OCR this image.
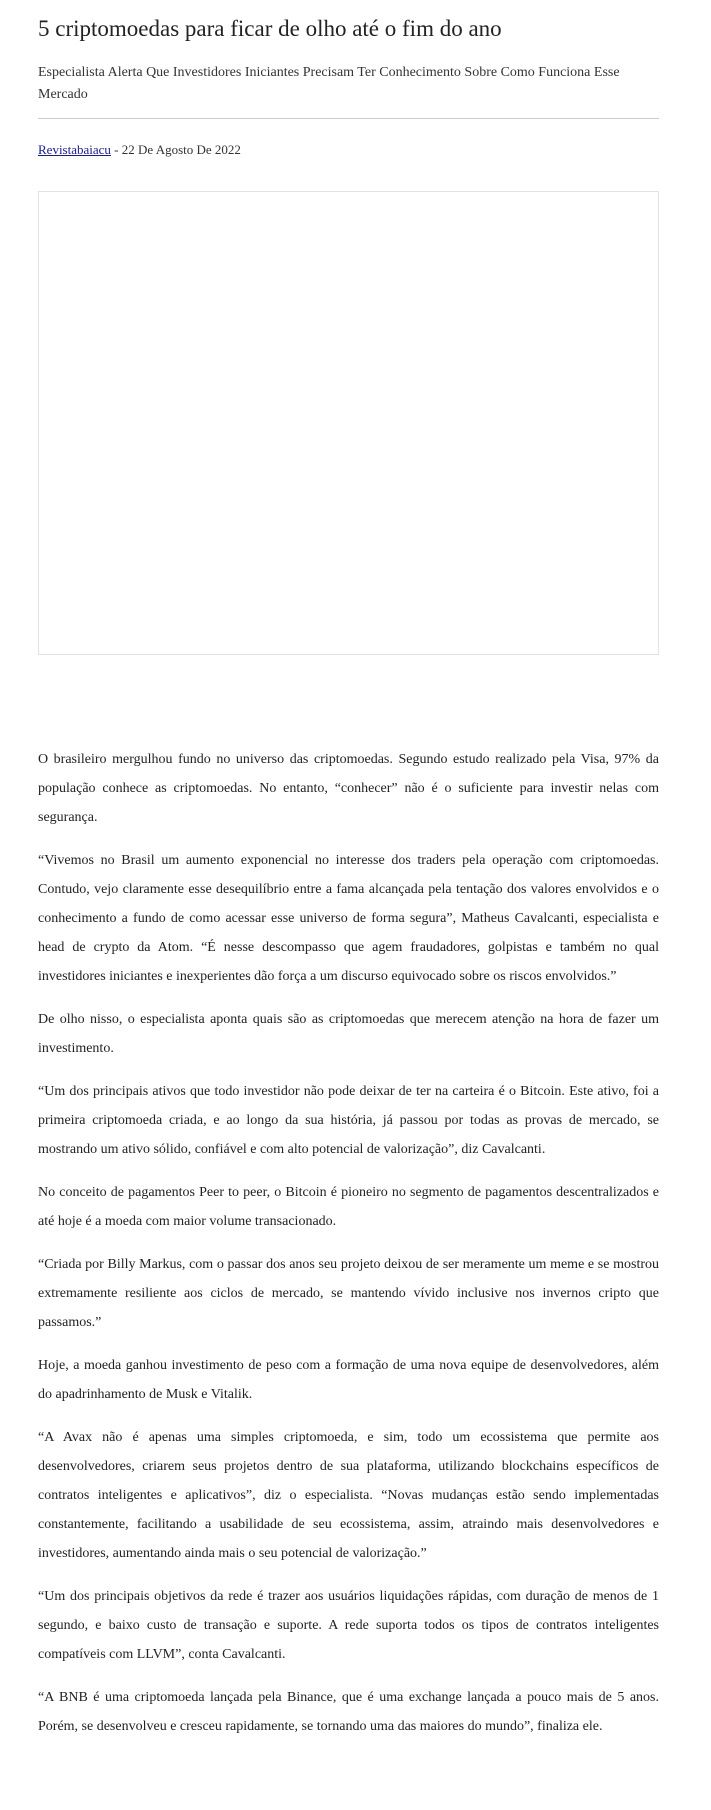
5 criptomoedas para ficar de olho até o fim do ano
Especialista Alerta Que Investidores Iniciantes Precisam Ter Conhecimento Sobre Como Funciona Esse Mercado
Revistabaiacu - 22 De Agosto De 2022

O brasileiro mergulhou fundo no universo das criptomoedas. Segundo estudo realizado pela Visa, 97% da população conhece as criptomoedas. No entanto, “conhecer” não é o suficiente para investir nelas com segurança.

“Vivemos no Brasil um aumento exponencial no interesse dos traders pela operação com criptomoedas. Contudo, vejo claramente esse desequilíbrio entre a fama alcançada pela tentação dos valores envolvidos e o conhecimento a fundo de como acessar esse universo de forma segura”, Matheus Cavalcanti, especialista e head de crypto da Atom. “É nesse descompasso que agem fraudadores, golpistas e também no qual investidores iniciantes e inexperientes dão força a um discurso equivocado sobre os riscos envolvidos.”

De olho nisso, o especialista aponta quais são as criptomoedas que merecem atenção na hora de fazer um investimento.

“Um dos principais ativos que todo investidor não pode deixar de ter na carteira é o Bitcoin. Este ativo, foi a primeira criptomoeda criada, e ao longo da sua história, já passou por todas as provas de mercado, se mostrando um ativo sólido, confiável e com alto potencial de valorização”, diz Cavalcanti.

No conceito de pagamentos Peer to peer, o Bitcoin é pioneiro no segmento de pagamentos descentralizados e até hoje é a moeda com maior volume transacionado.

“Criada por Billy Markus, com o passar dos anos seu projeto deixou de ser meramente um meme e se mostrou extremamente resiliente aos ciclos de mercado, se mantendo vívido inclusive nos invernos cripto que passamos.”

Hoje, a moeda ganhou investimento de peso com a formação de uma nova equipe de desenvolvedores, além do apadrinhamento de Musk e Vitalik.

“A Avax não é apenas uma simples criptomoeda, e sim, todo um ecossistema que permite aos desenvolvedores, criarem seus projetos dentro de sua plataforma, utilizando blockchains específicos de contratos inteligentes e aplicativos”, diz o especialista. “Novas mudanças estão sendo implementadas constantemente, facilitando a usabilidade de seu ecossistema, assim, atraindo mais desenvolvedores e investidores, aumentando ainda mais o seu potencial de valorização.”

“Um dos principais objetivos da rede é trazer aos usuários liquidações rápidas, com duração de menos de 1 segundo, e baixo custo de transação e suporte. A rede suporta todos os tipos de contratos inteligentes compatíveis com LLVM”, conta Cavalcanti.

“A BNB é uma criptomoeda lançada pela Binance, que é uma exchange lançada a pouco mais de 5 anos. Porém, se desenvolveu e cresceu rapidamente, se tornando uma das maiores do mundo”, finaliza ele.
